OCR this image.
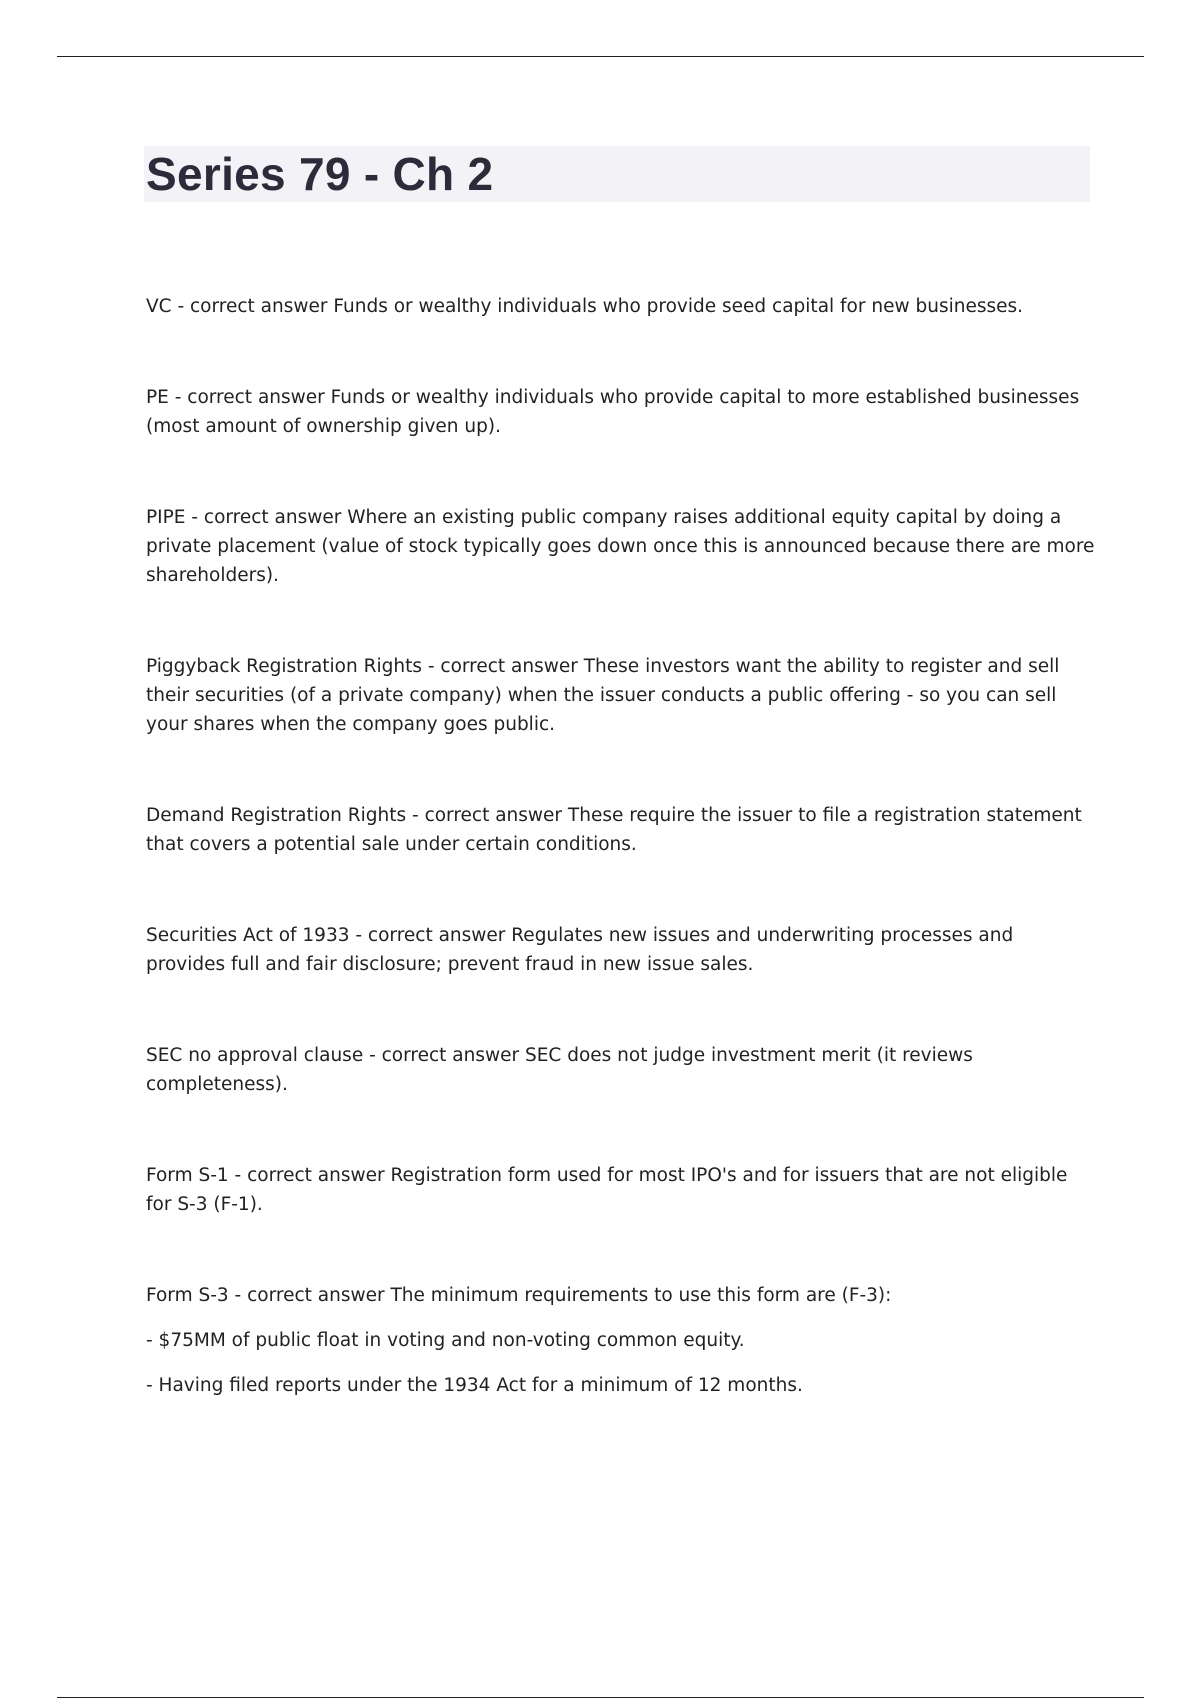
Series 79 - Ch 2

VC - correct answer Funds or wealthy individuals who provide seed capital for new businesses.

PE - correct answer Funds or wealthy individuals who provide capital to more established businesses (most amount of ownership given up).

PIPE - correct answer Where an existing public company raises additional equity capital by doing a private placement (value of stock typically goes down once this is announced because there are more shareholders).

Piggyback Registration Rights - correct answer These investors want the ability to register and sell their securities (of a private company) when the issuer conducts a public offering - so you can sell your shares when the company goes public.

Demand Registration Rights - correct answer These require the issuer to file a registration statement that covers a potential sale under certain conditions.

Securities Act of 1933 - correct answer Regulates new issues and underwriting processes and provides full and fair disclosure; prevent fraud in new issue sales.

SEC no approval clause - correct answer SEC does not judge investment merit (it reviews completeness).

Form S-1 - correct answer Registration form used for most IPO's and for issuers that are not eligible for S-3 (F-1).

Form S-3 - correct answer The minimum requirements to use this form are (F-3):

- $75MM of public float in voting and non-voting common equity.

- Having filed reports under the 1934 Act for a minimum of 12 months.
